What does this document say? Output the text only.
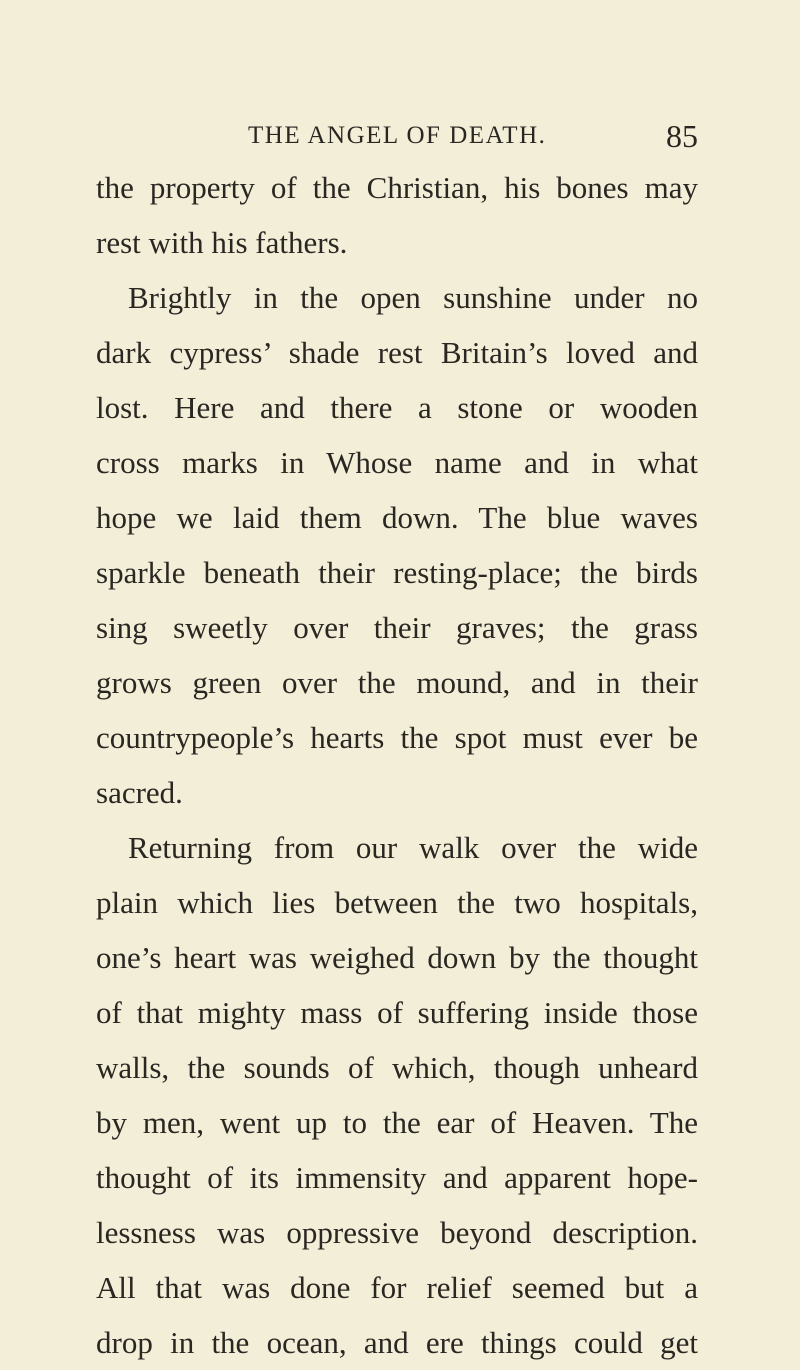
THE ANGEL OF DEATH.	85
the property of the Christian, his bones may
rest with his fathers.
Brightly in the open sunshine under no
dark cypress’ shade rest Britain’s loved and
lost. Here and there a stone or wooden
cross marks in Whose name and in what
hope we laid them down. The blue waves
sparkle beneath their resting-place; the birds
sing sweetly over their graves; the grass
grows green over the mound, and in their
countrypeople’s hearts the spot must ever be
sacred.
Returning from our walk over the wide
plain which lies between the two hospitals,
one’s heart was weighed down by the thought
of that mighty mass of suffering inside those
walls, the sounds of which, though unheard
by men, went up to the ear of Heaven. The
thought of its immensity and apparent hope-
lessness was oppressive beyond description.
All that was done for relief seemed but a
drop in the ocean, and ere things could get
